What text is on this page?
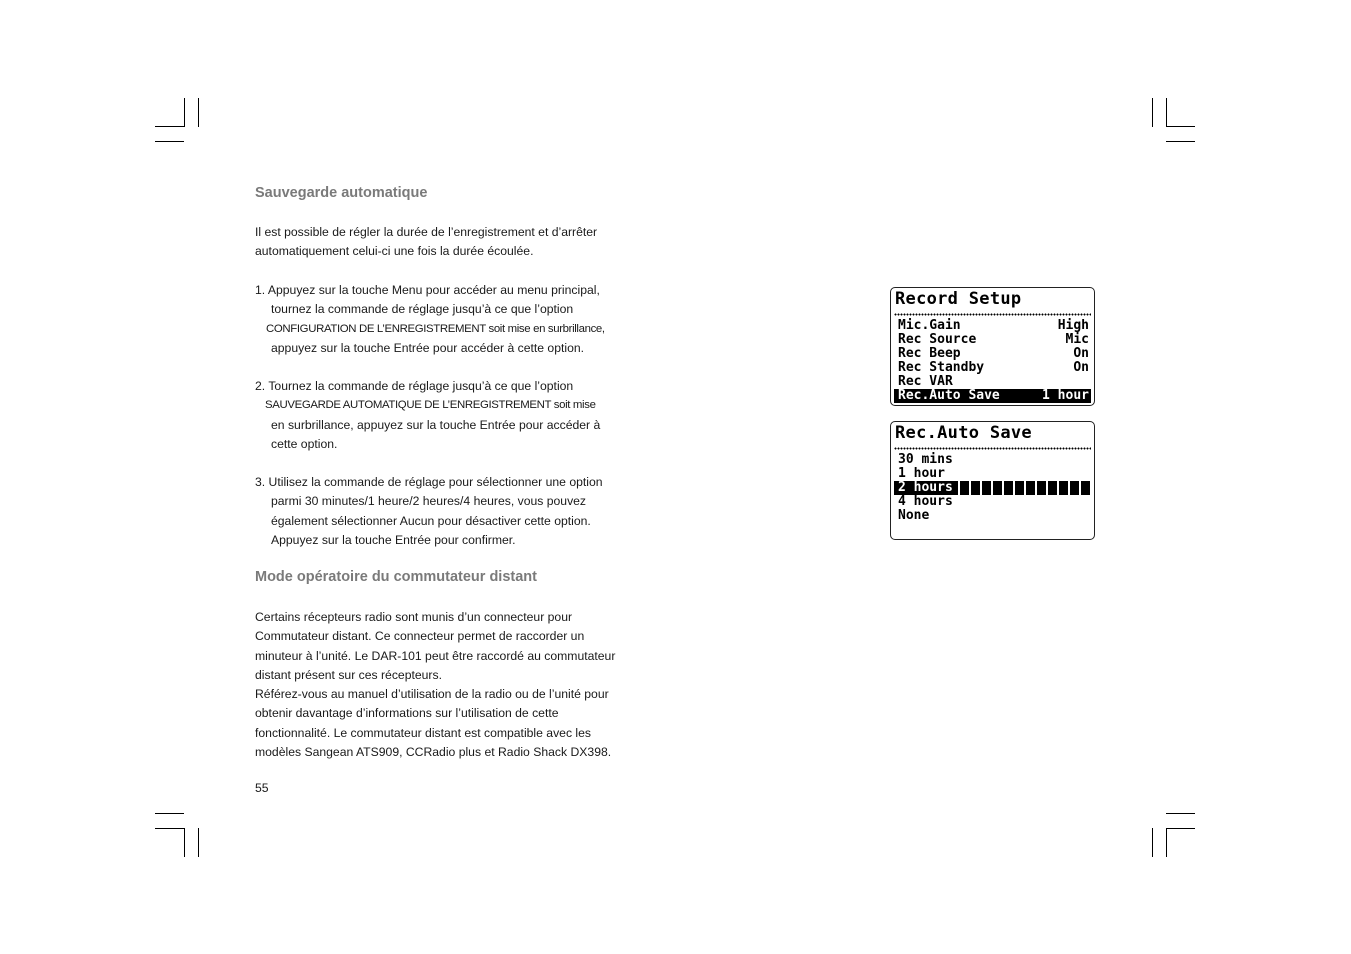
Sauvegarde automatique

Il est possible de régler la durée de l’enregistrement et d’arrêter
automatiquement celui-ci une fois la durée écoulée.

1. Appuyez sur la touche Menu pour accéder au menu principal,
tournez la commande de réglage jusqu’à ce que l’option
CONFIGURATION DE L’ENREGISTREMENT soit mise en surbrillance,
appuyez sur la touche Entrée pour accéder à cette option.

2. Tournez la commande de réglage jusqu’à ce que l’option
SAUVEGARDE AUTOMATIQUE DE L’ENREGISTREMENT soit mise
en surbrillance, appuyez sur la touche Entrée pour accéder à
cette option.

3. Utilisez la commande de réglage pour sélectionner une option
parmi 30 minutes/1 heure/2 heures/4 heures, vous pouvez
également sélectionner Aucun pour désactiver cette option.
Appuyez sur la touche Entrée pour confirmer.

Mode opératoire du commutateur distant

Certains récepteurs radio sont munis d’un connecteur pour
Commutateur distant. Ce connecteur permet de raccorder un
minuteur à l’unité. Le DAR-101 peut être raccordé au commutateur
distant présent sur ces récepteurs.
Référez-vous au manuel d’utilisation de la radio ou de l’unité pour
obtenir davantage d’informations sur l’utilisation de cette
fonctionnalité. Le commutateur distant est compatible avec les
modèles Sangean ATS909, CCRadio plus et Radio Shack DX398.

55
Record Setup
Mic.Gain	High
Rec Source	Mic
Rec Beep	On
Rec Standby	On
Rec VAR
Rec.Auto Save	1 hour
Rec.Auto Save
30 mins
1 hour
2 hours
4 hours
None
